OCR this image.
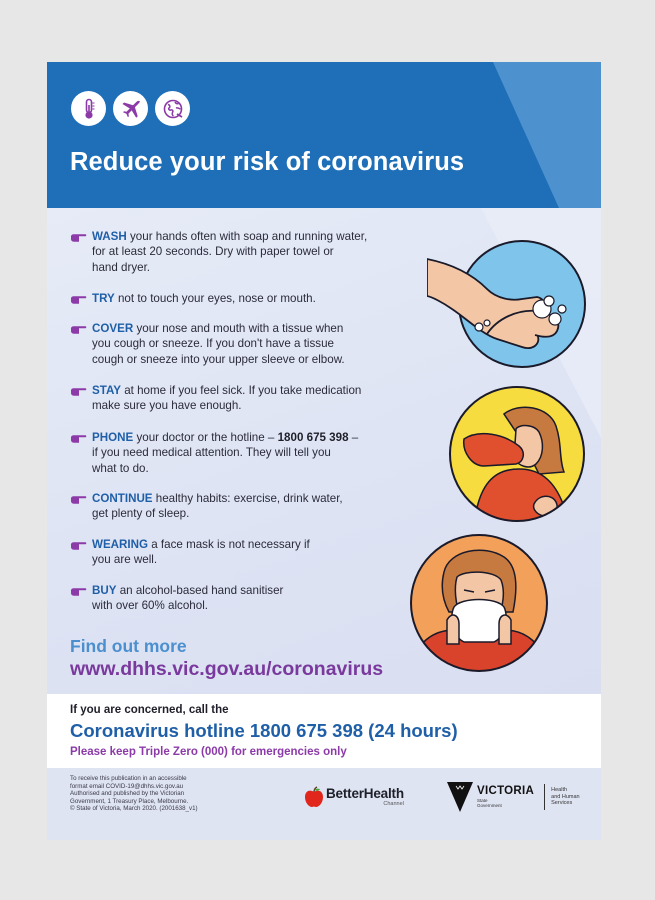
Reduce your risk of coronavirus
WASH your hands often with soap and running water,
for at least 20 seconds. Dry with paper towel or
hand dryer.
TRY not to touch your eyes, nose or mouth.
COVER your nose and mouth with a tissue when
you cough or sneeze. If you don't have a tissue
cough or sneeze into your upper sleeve or elbow.
STAY at home if you feel sick. If you take medication
make sure you have enough.
PHONE your doctor or the hotline – 1800 675 398 –
if you need medical attention. They will tell you
what to do.
CONTINUE healthy habits: exercise, drink water,
get plenty of sleep.
WEARING a face mask is not necessary if
you are well.
BUY an alcohol-based hand sanitiser
with over 60% alcohol.
Find out more
www.dhhs.vic.gov.au/coronavirus
If you are concerned, call the
Coronavirus hotline 1800 675 398 (24 hours)
Please keep Triple Zero (000) for emergencies only
To receive this publication in an accessible
format email COVID-19@dhhs.vic.gov.au
Authorised and published by the Victorian
Government, 1 Treasury Place, Melbourne.
© State of Victoria, March 2020. (2001638_v1)
BetterHealth
Channel
VICTORIA
State
Government
Health
and Human
Services
